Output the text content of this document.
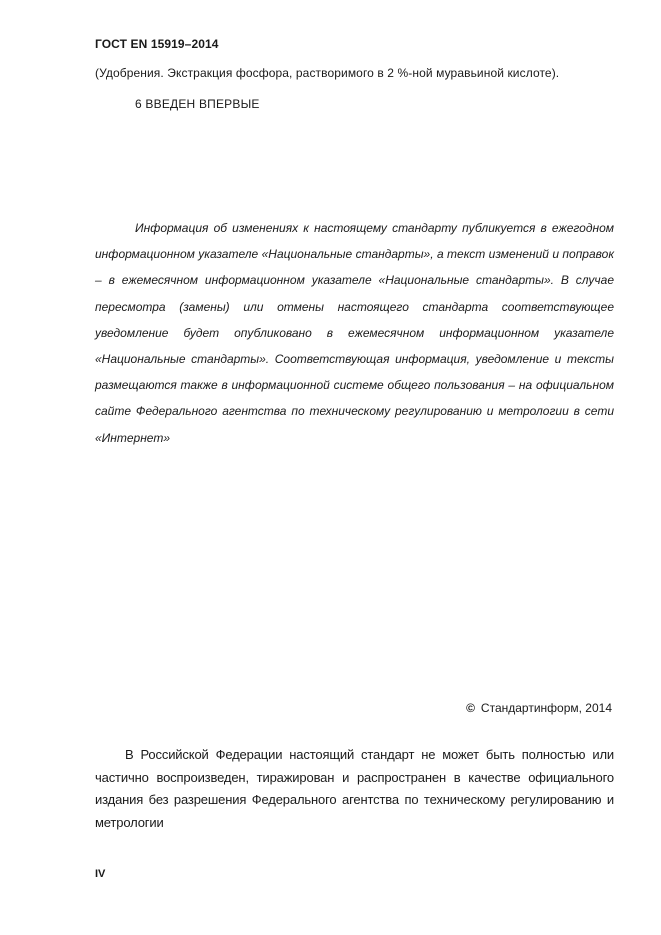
ГОСТ EN 15919–2014
(Удобрения. Экстракция фосфора, растворимого в 2 %-ной муравьиной кислоте).
6 ВВЕДЕН ВПЕРВЫЕ

Информация об изменениях к настоящему стандарту публикуется в ежегодном информационном указателе «Национальные стандарты», а текст изменений и поправок – в ежемесячном информационном указателе «Национальные стандарты». В случае пересмотра (замены) или отмены настоящего стандарта соответствующее уведомление будет опубликовано в ежемесячном информационном указателе «Национальные стандарты». Соответствующая информация, уведомление и тексты размещаются также в информационной системе общего пользования – на официальном сайте Федерального агентства по техническому регулированию и метрологии в сети «Интернет»

© Стандартинформ, 2014

В Российской Федерации настоящий стандарт не может быть полностью или частично воспроизведен, тиражирован и распространен в качестве официального издания без разрешения Федерального агентства по техническому регулированию и метрологии

IV
